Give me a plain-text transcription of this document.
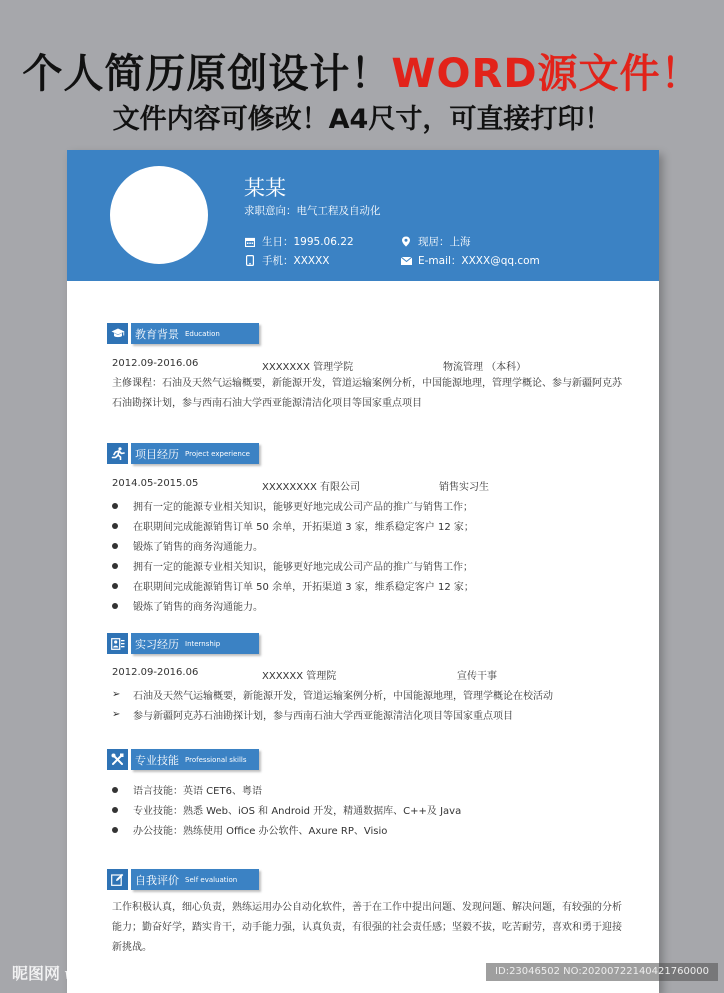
个人简历原创设计！WORD源文件！
文件内容可修改！A4尺寸，可直接打印！
某某
求职意向：电气工程及自动化
生日：1995.06.22	现居：上海
手机：XXXXX	E-mail：XXXX@qq.com
教育背景 Education
2012.09-2016.06	XXXXXXX 管理学院	物流管理 （本科）
主修课程：石油及天然气运输概要，新能源开发，管道运输案例分析，中国能源地理，管理学概论、参与新疆阿克苏石油勘探计划，参与西南石油大学西亚能源清洁化项目等国家重点项目
项目经历 Project experience
2014.05-2015.05	XXXXXXXX 有限公司	销售实习生
拥有一定的能源专业相关知识，能够更好地完成公司产品的推广与销售工作；
在职期间完成能源销售订单 50 余单，开拓渠道 3 家，维系稳定客户 12 家；
锻炼了销售的商务沟通能力。
拥有一定的能源专业相关知识，能够更好地完成公司产品的推广与销售工作；
在职期间完成能源销售订单 50 余单，开拓渠道 3 家，维系稳定客户 12 家；
锻炼了销售的商务沟通能力。
实习经历 Internship
2012.09-2016.06	XXXXXX 管理院	宣传干事
➢ 石油及天然气运输概要，新能源开发，管道运输案例分析，中国能源地理，管理学概论在校活动
➢ 参与新疆阿克苏石油勘探计划，参与西南石油大学西亚能源清洁化项目等国家重点项目
专业技能 Professional skills
语言技能：英语 CET6、粤语
专业技能：熟悉 Web、iOS 和 Android 开发，精通数据库、C++及 Java
办公技能：熟练使用 Office 办公软件、Axure RP、Visio
自我评价 Self evaluation
工作积极认真，细心负责，熟练运用办公自动化软件，善于在工作中提出问题、发现问题、解决问题，有较强的分析能力；勤奋好学，踏实肯干，动手能力强，认真负责，有很强的社会责任感；坚毅不拔，吃苦耐劳，喜欢和勇于迎接新挑战。
昵图网 www.nipic.com	ID:23046502 NO:20200722140421760000
